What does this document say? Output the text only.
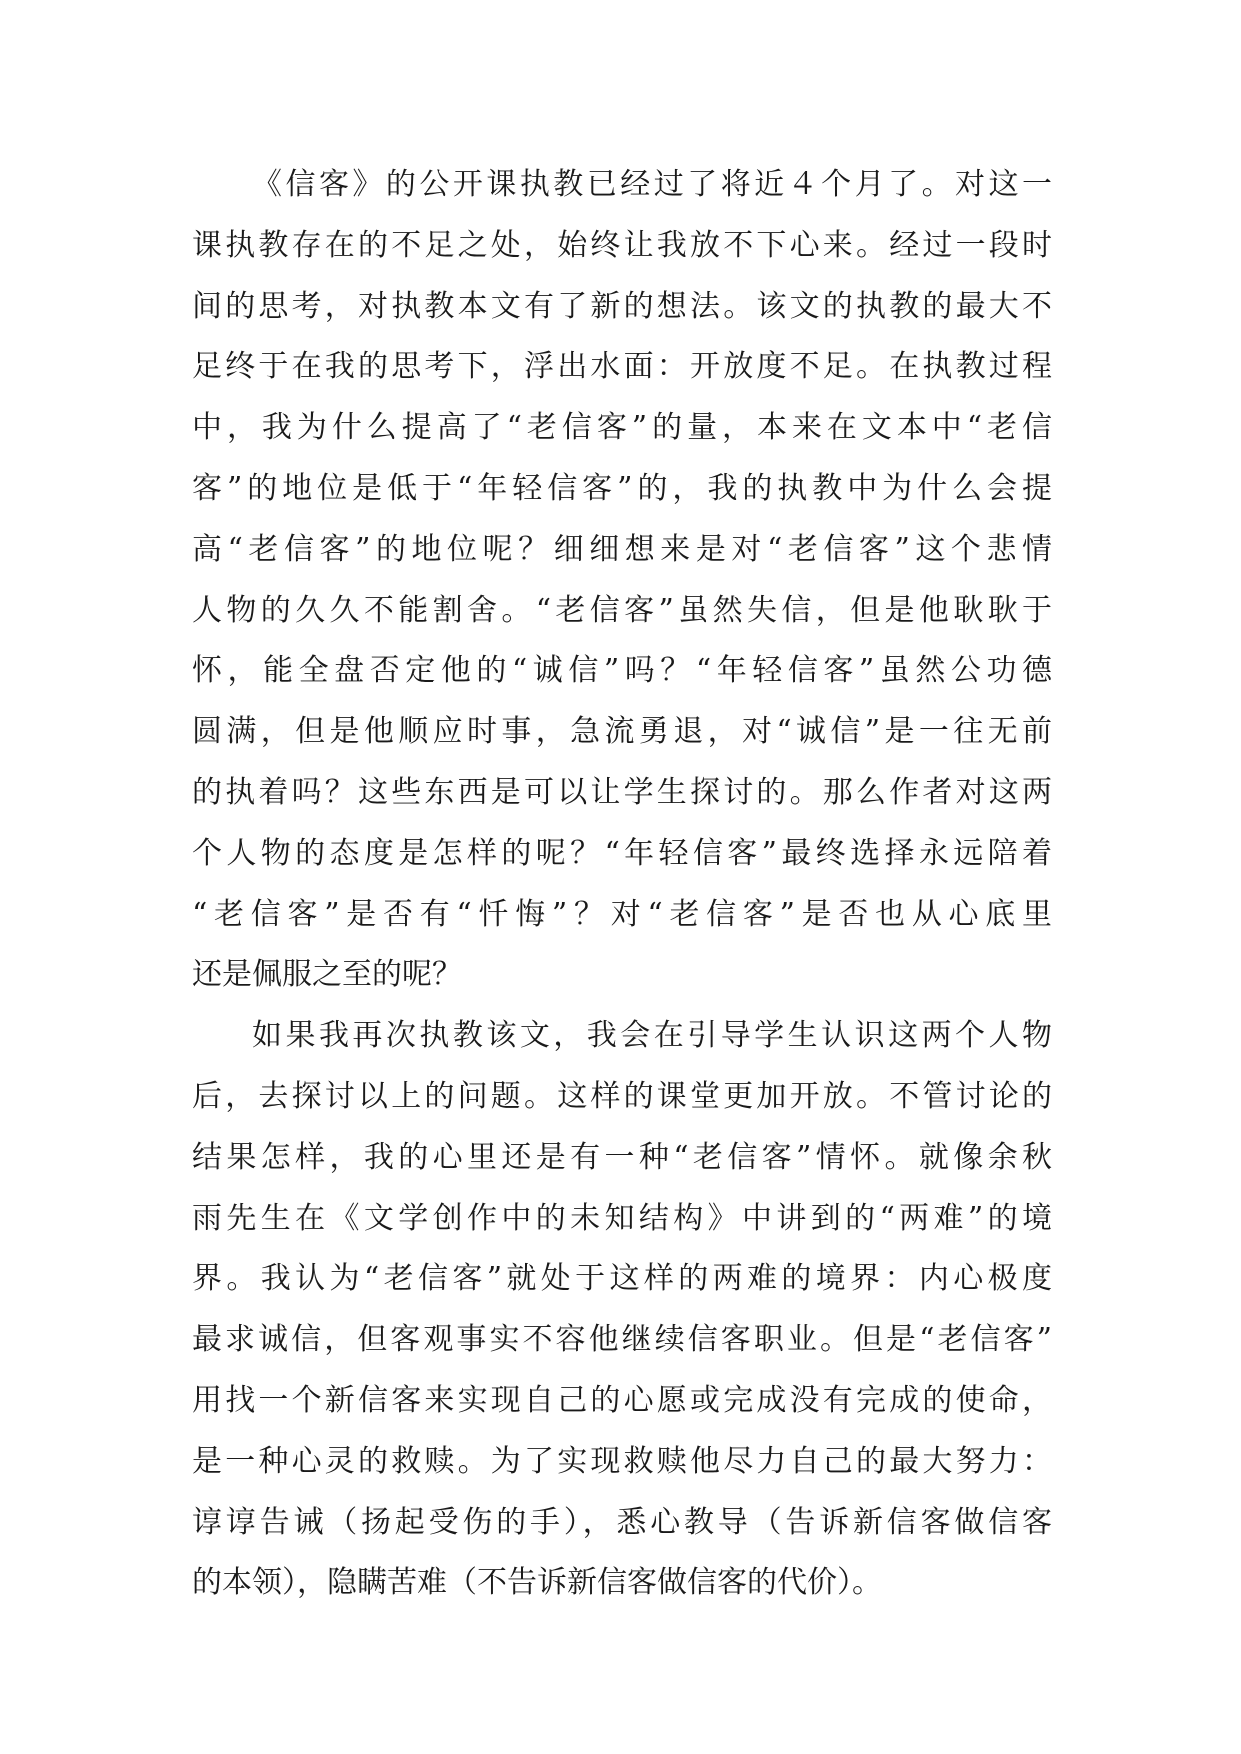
《信客》的公开课执教已经过了将近４个月了。对这一
课执教存在的不足之处，始终让我放不下心来。经过一段时
间的思考，对执教本文有了新的想法。该文的执教的最大不
足终于在我的思考下，浮出水面：开放度不足。在执教过程
中，我为什么提高了“老信客”的量，本来在文本中“老信
客”的地位是低于“年轻信客”的，我的执教中为什么会提
高“老信客”的地位呢？细细想来是对“老信客”这个悲情
人物的久久不能割舍。“老信客”虽然失信，但是他耿耿于
怀，能全盘否定他的“诚信”吗？“年轻信客”虽然公功德
圆满，但是他顺应时事，急流勇退，对“诚信”是一往无前
的执着吗？这些东西是可以让学生探讨的。那么作者对这两
个人物的态度是怎样的呢？“年轻信客”最终选择永远陪着
“老信客”是否有“忏悔”？对“老信客”是否也从心底里
还是佩服之至的呢？
如果我再次执教该文，我会在引导学生认识这两个人物
后，去探讨以上的问题。这样的课堂更加开放。不管讨论的
结果怎样，我的心里还是有一种“老信客”情怀。就像余秋
雨先生在《文学创作中的未知结构》中讲到的“两难”的境
界。我认为“老信客”就处于这样的两难的境界：内心极度
最求诚信，但客观事实不容他继续信客职业。但是“老信客”
用找一个新信客来实现自己的心愿或完成没有完成的使命，
是一种心灵的救赎。为了实现救赎他尽力自己的最大努力：
谆谆告诫（扬起受伤的手），悉心教导（告诉新信客做信客
的本领），隐瞒苦难（不告诉新信客做信客的代价）。
